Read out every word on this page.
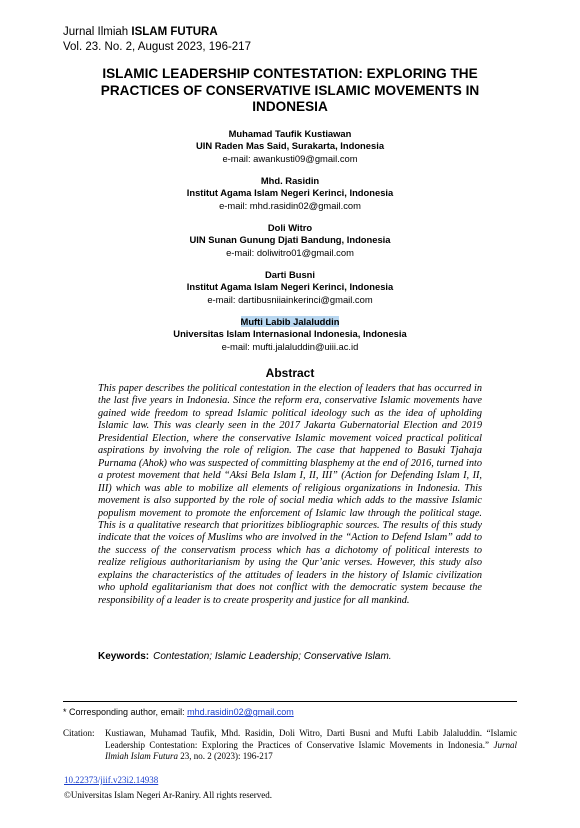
Jurnal Ilmiah ISLAM FUTURA
Vol. 23. No. 2, August 2023, 196-217
ISLAMIC LEADERSHIP CONTESTATION: EXPLORING THE
PRACTICES OF CONSERVATIVE ISLAMIC MOVEMENTS IN
INDONESIA
Muhamad Taufik Kustiawan
UIN Raden Mas Said, Surakarta, Indonesia
e-mail: awankusti09@gmail.com
Mhd. Rasidin
Institut Agama Islam Negeri Kerinci, Indonesia
e-mail: mhd.rasidin02@gmail.com
Doli Witro
UIN Sunan Gunung Djati Bandung, Indonesia
e-mail: doliwitro01@gmail.com
Darti Busni
Institut Agama Islam Negeri Kerinci, Indonesia
e-mail: dartibusniiainkerinci@gmail.com
Mufti Labib Jalaluddin
Universitas Islam Internasional Indonesia, Indonesia
e-mail: mufti.jalaluddin@uiii.ac.id
Abstract
This paper describes the political contestation in the election of leaders that has occurred in the last five years in Indonesia. Since the reform era, conservative Islamic movements have gained wide freedom to spread Islamic political ideology such as the idea of upholding Islamic law. This was clearly seen in the 2017 Jakarta Gubernatorial Election and 2019 Presidential Election, where the conservative Islamic movement voiced practical political aspirations by involving the role of religion. The case that happened to Basuki Tjahaja Purnama (Ahok) who was suspected of committing blasphemy at the end of 2016, turned into a protest movement that held “Aksi Bela Islam I, II, III” (Action for Defending Islam I, II, III) which was able to mobilize all elements of religious organizations in Indonesia. This movement is also supported by the role of social media which adds to the massive Islamic populism movement to promote the enforcement of Islamic law through the political stage. This is a qualitative research that prioritizes bibliographic sources. The results of this study indicate that the voices of Muslims who are involved in the “Action to Defend Islam” add to the success of the conservatism process which has a dichotomy of political interests to realize religious authoritarianism by using the Qur’anic verses. However, this study also explains the characteristics of the attitudes of leaders in the history of Islamic civilization who uphold egalitarianism that does not conflict with the democratic system because the responsibility of a leader is to create prosperity and justice for all mankind.
Keywords: Contestation; Islamic Leadership; Conservative Islam.
* Corresponding author, email: mhd.rasidin02@gmail.com
Citation: Kustiawan, Muhamad Taufik, Mhd. Rasidin, Doli Witro, Darti Busni and Mufti Labib Jalaluddin. “Islamic Leadership Contestation: Exploring the Practices of Conservative Islamic Movements in Indonesia.” Jurnal Ilmiah Islam Futura 23, no. 2 (2023): 196-217
10.22373/jiif.v23i2.14938
©Universitas Islam Negeri Ar-Raniry. All rights reserved.
